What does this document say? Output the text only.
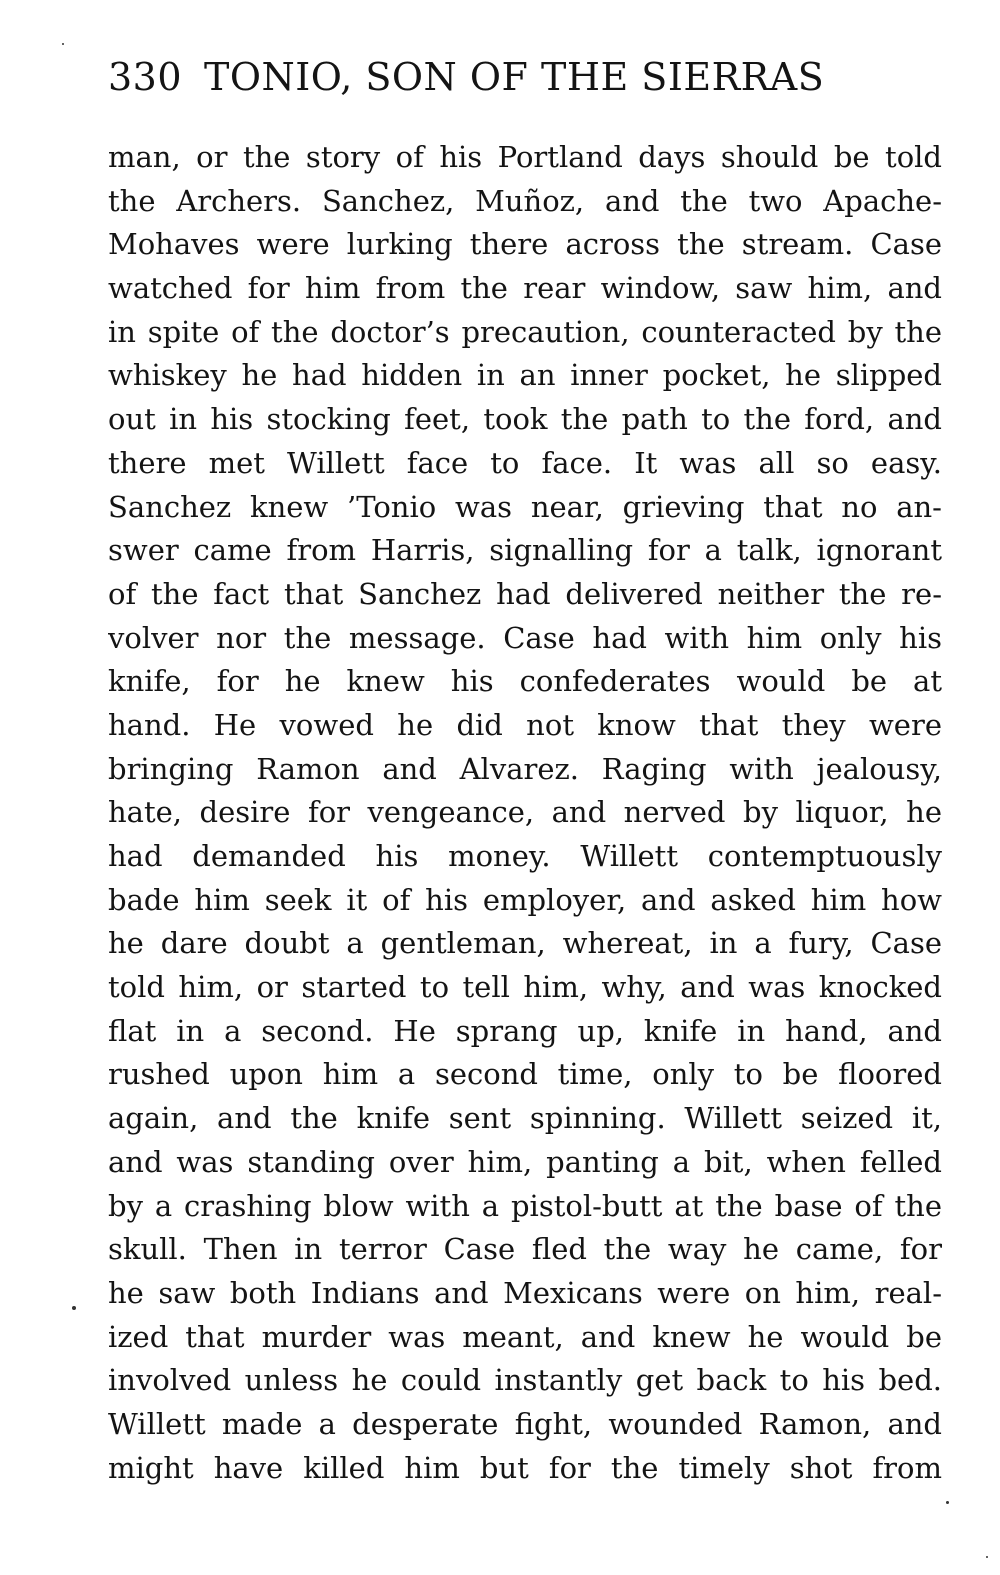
330 TONIO, SON OF THE SIERRAS
man, or the story of his Portland days should be told
the Archers. Sanchez, Muñoz, and the two Apache-
Mohaves were lurking there across the stream. Case
watched for him from the rear window, saw him, and
in spite of the doctor’s precaution, counteracted by the
whiskey he had hidden in an inner pocket, he slipped
out in his stocking feet, took the path to the ford, and
there met Willett face to face. It was all so easy.
Sanchez knew ’Tonio was near, grieving that no an-
swer came from Harris, signalling for a talk, ignorant
of the fact that Sanchez had delivered neither the re-
volver nor the message. Case had with him only his
knife, for he knew his confederates would be at
hand. He vowed he did not know that they were
bringing Ramon and Alvarez. Raging with jealousy,
hate, desire for vengeance, and nerved by liquor, he
had demanded his money. Willett contemptuously
bade him seek it of his employer, and asked him how
he dare doubt a gentleman, whereat, in a fury, Case
told him, or started to tell him, why, and was knocked
flat in a second. He sprang up, knife in hand, and
rushed upon him a second time, only to be floored
again, and the knife sent spinning. Willett seized it,
and was standing over him, panting a bit, when felled
by a crashing blow with a pistol-butt at the base of the
skull. Then in terror Case fled the way he came, for
he saw both Indians and Mexicans were on him, real-
ized that murder was meant, and knew he would be
involved unless he could instantly get back to his bed.
Willett made a desperate fight, wounded Ramon, and
might have killed him but for the timely shot from
